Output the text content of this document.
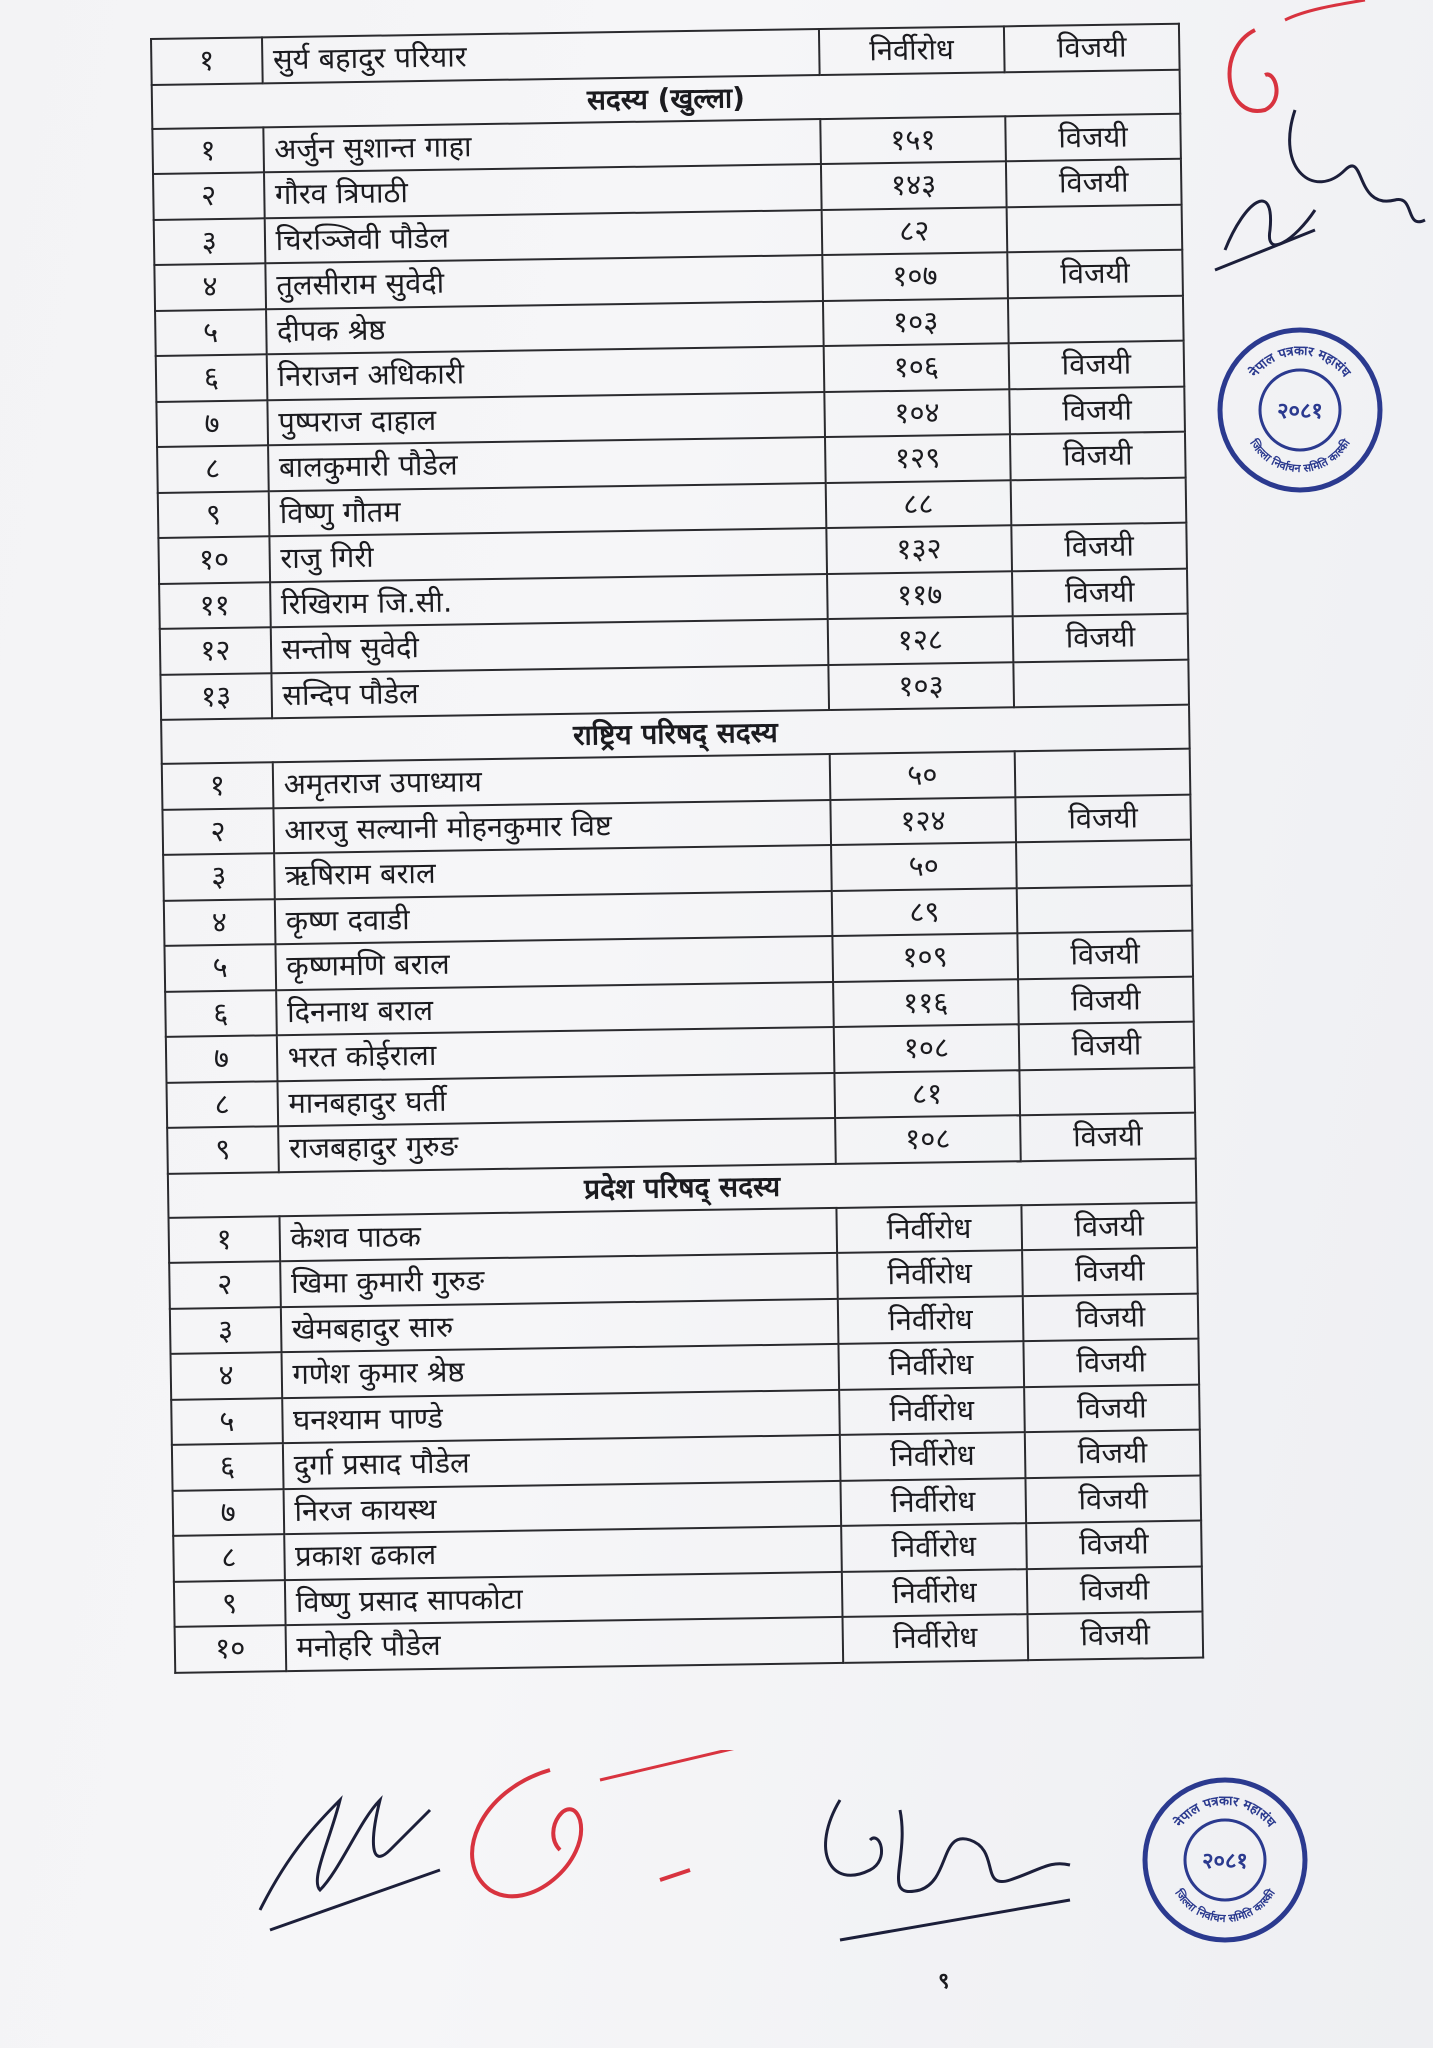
१	सुर्य बहादुर परियार	निर्वीरोध	विजयी
सदस्य (खुल्ला)			
१	अर्जुन सुशान्त गाहा	१५१	विजयी
२	गौरव त्रिपाठी	१४३	विजयी
३	चिरञ्जिवी पौडेल	८२	
४	तुलसीराम सुवेदी	१०७	विजयी
५	दीपक श्रेष्ठ	१०३	
६	निराजन अधिकारी	१०६	विजयी
७	पुष्पराज दाहाल	१०४	विजयी
८	बालकुमारी पौडेल	१२९	विजयी
९	विष्णु गौतम	८८	
१०	राजु गिरी	१३२	विजयी
११	रिखिराम जि.सी.	११७	विजयी
१२	सन्तोष सुवेदी	१२८	विजयी
१३	सन्दिप पौडेल	१०३	
राष्ट्रिय परिषद् सदस्य			
१	अमृतराज उपाध्याय	५०	
२	आरजु सल्यानी मोहनकुमार विष्ट	१२४	विजयी
३	ऋषिराम बराल	५०	
४	कृष्ण दवाडी	८९	
५	कृष्णमणि बराल	१०९	विजयी
६	दिननाथ बराल	११६	विजयी
७	भरत कोईराला	१०८	विजयी
८	मानबहादुर घर्ती	८१	
९	राजबहादुर गुरुङ	१०८	विजयी
प्रदेश परिषद् सदस्य			
१	केशव पाठक	निर्वीरोध	विजयी
२	खिमा कुमारी गुरुङ	निर्वीरोध	विजयी
३	खेमबहादुर सारु	निर्वीरोध	विजयी
४	गणेश कुमार श्रेष्ठ	निर्वीरोध	विजयी
५	घनश्याम पाण्डे	निर्वीरोध	विजयी
६	दुर्गा प्रसाद पौडेल	निर्वीरोध	विजयी
७	निरज कायस्थ	निर्वीरोध	विजयी
८	प्रकाश ढकाल	निर्वीरोध	विजयी
९	विष्णु प्रसाद सापकोटा	निर्वीरोध	विजयी
१०	मनोहरि पौडेल	निर्वीरोध	विजयी
नेपाल पत्रकार महासंघ
जिल्ला निर्वाचन समिति कास्की
२०८१
नेपाल पत्रकार महासंघ
जिल्ला निर्वाचन समिति कास्की
२०८१
९
